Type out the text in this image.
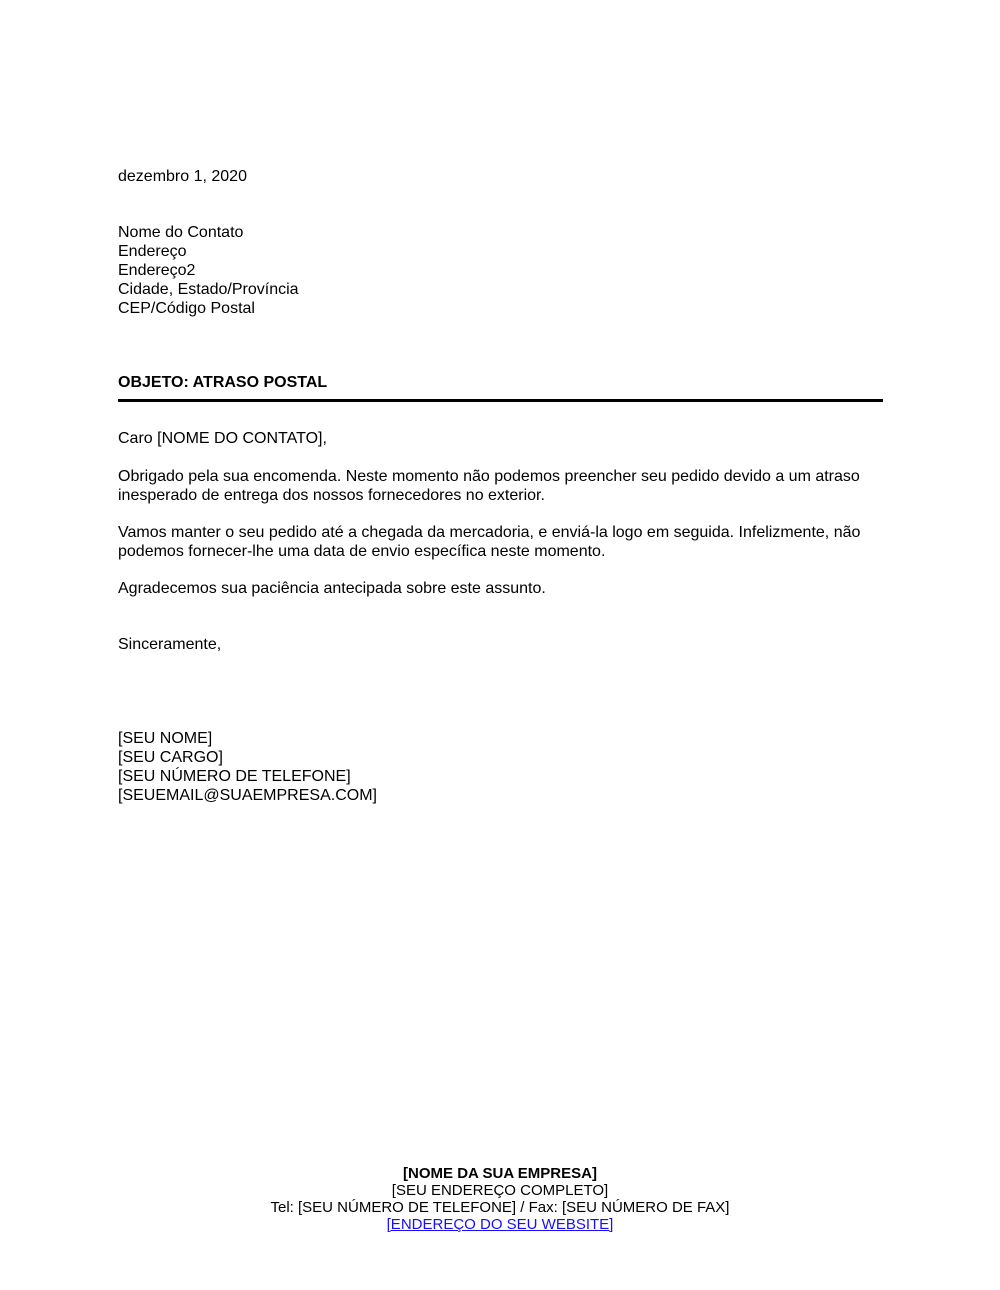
dezembro 1, 2020
Nome do Contato
Endereço
Endereço2
Cidade, Estado/Província
CEP/Código Postal
OBJETO: ATRASO POSTAL
Caro [NOME DO CONTATO],
Obrigado pela sua encomenda. Neste momento não podemos preencher seu pedido devido a um atraso inesperado de entrega dos nossos fornecedores no exterior.
Vamos manter o seu pedido até a chegada da mercadoria, e enviá-la logo em seguida. Infelizmente, não podemos fornecer-lhe uma data de envio específica neste momento.
Agradecemos sua paciência antecipada sobre este assunto.
Sinceramente,
[SEU NOME]
[SEU CARGO]
[SEU NÚMERO DE TELEFONE]
[SEUEMAIL@SUAEMPRESA.COM]
[NOME DA SUA EMPRESA]
[SEU ENDEREÇO COMPLETO]
Tel: [SEU NÚMERO DE TELEFONE] / Fax: [SEU NÚMERO DE FAX]
[ENDEREÇO DO SEU WEBSITE]
